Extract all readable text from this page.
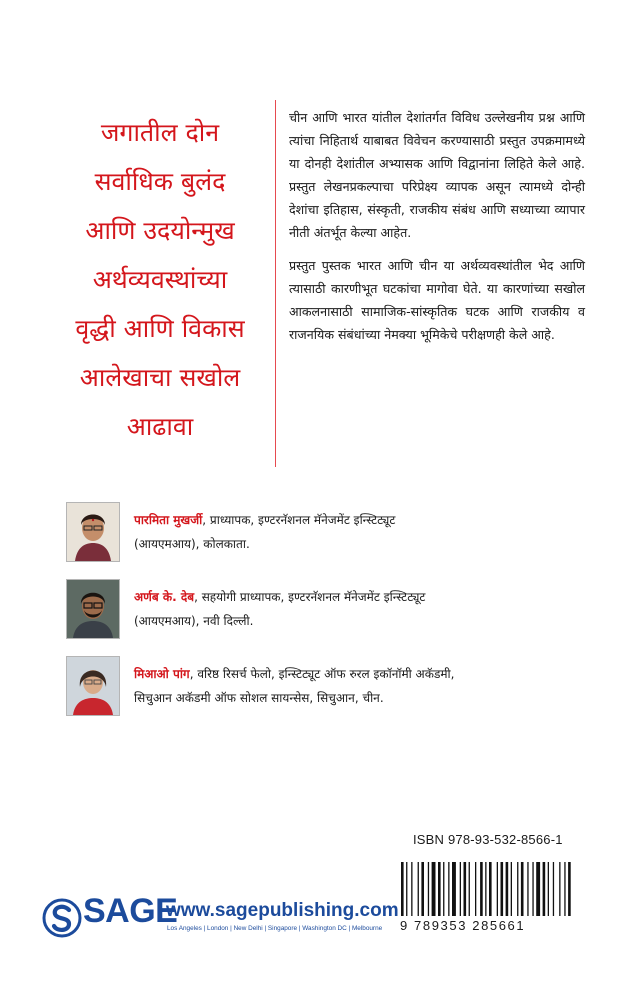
जगातील दोन
सर्वाधिक बुलंद
आणि उदयोन्मुख
अर्थव्यवस्थांच्या
वृद्धी आणि विकास
आलेखाचा सखोल
आढावा

चीन आणि भारत यांतील देशांतर्गत विविध उल्लेखनीय प्रश्न आणि त्यांचा निहितार्थ याबाबत विवेचन करण्यासाठी प्रस्तुत उपक्रमामध्ये या दोनही देशांतील अभ्यासक आणि विद्वानांना लिहिते केले आहे. प्रस्तुत लेखनप्रकल्पाचा परिप्रेक्ष्य व्यापक असून त्यामध्ये दोन्ही देशांचा इतिहास, संस्कृती, राजकीय संबंध आणि सध्याच्या व्यापार नीती अंतर्भूत केल्या आहेत.

प्रस्तुत पुस्तक भारत आणि चीन या अर्थव्यवस्थांतील भेद आणि त्यासाठी कारणीभूत घटकांचा मागोवा घेते. या कारणांच्या सखोल आकलनासाठी सामाजिक-सांस्कृतिक घटक आणि राजकीय व राजनयिक संबंधांच्या नेमक्या भूमिकेचे परीक्षणही केले आहे.

पारमिता मुखर्जी, प्राध्यापक, इण्टरनॅशनल मॅनेजमेंट इन्स्टिट्यूट
(आयएमआय), कोलकाता.
अर्णब के. देब, सहयोगी प्राध्यापक, इण्टरनॅशनल मॅनेजमेंट इन्स्टिट्यूट
(आयएमआय), नवी दिल्ली.
मिआओ पांग, वरिष्ठ रिसर्च फेलो, इन्स्टिट्यूट ऑफ रुरल इकॉनॉमी अकॅडमी,
सिचुआन अकॅडमी ऑफ सोशल सायन्सेस, सिचुआन, चीन.
ISBN 978-93-532-8566-1
9 789353 285661
SAGE
www.sagepublishing.com
Los Angeles | London | New Delhi | Singapore | Washington DC | Melbourne
